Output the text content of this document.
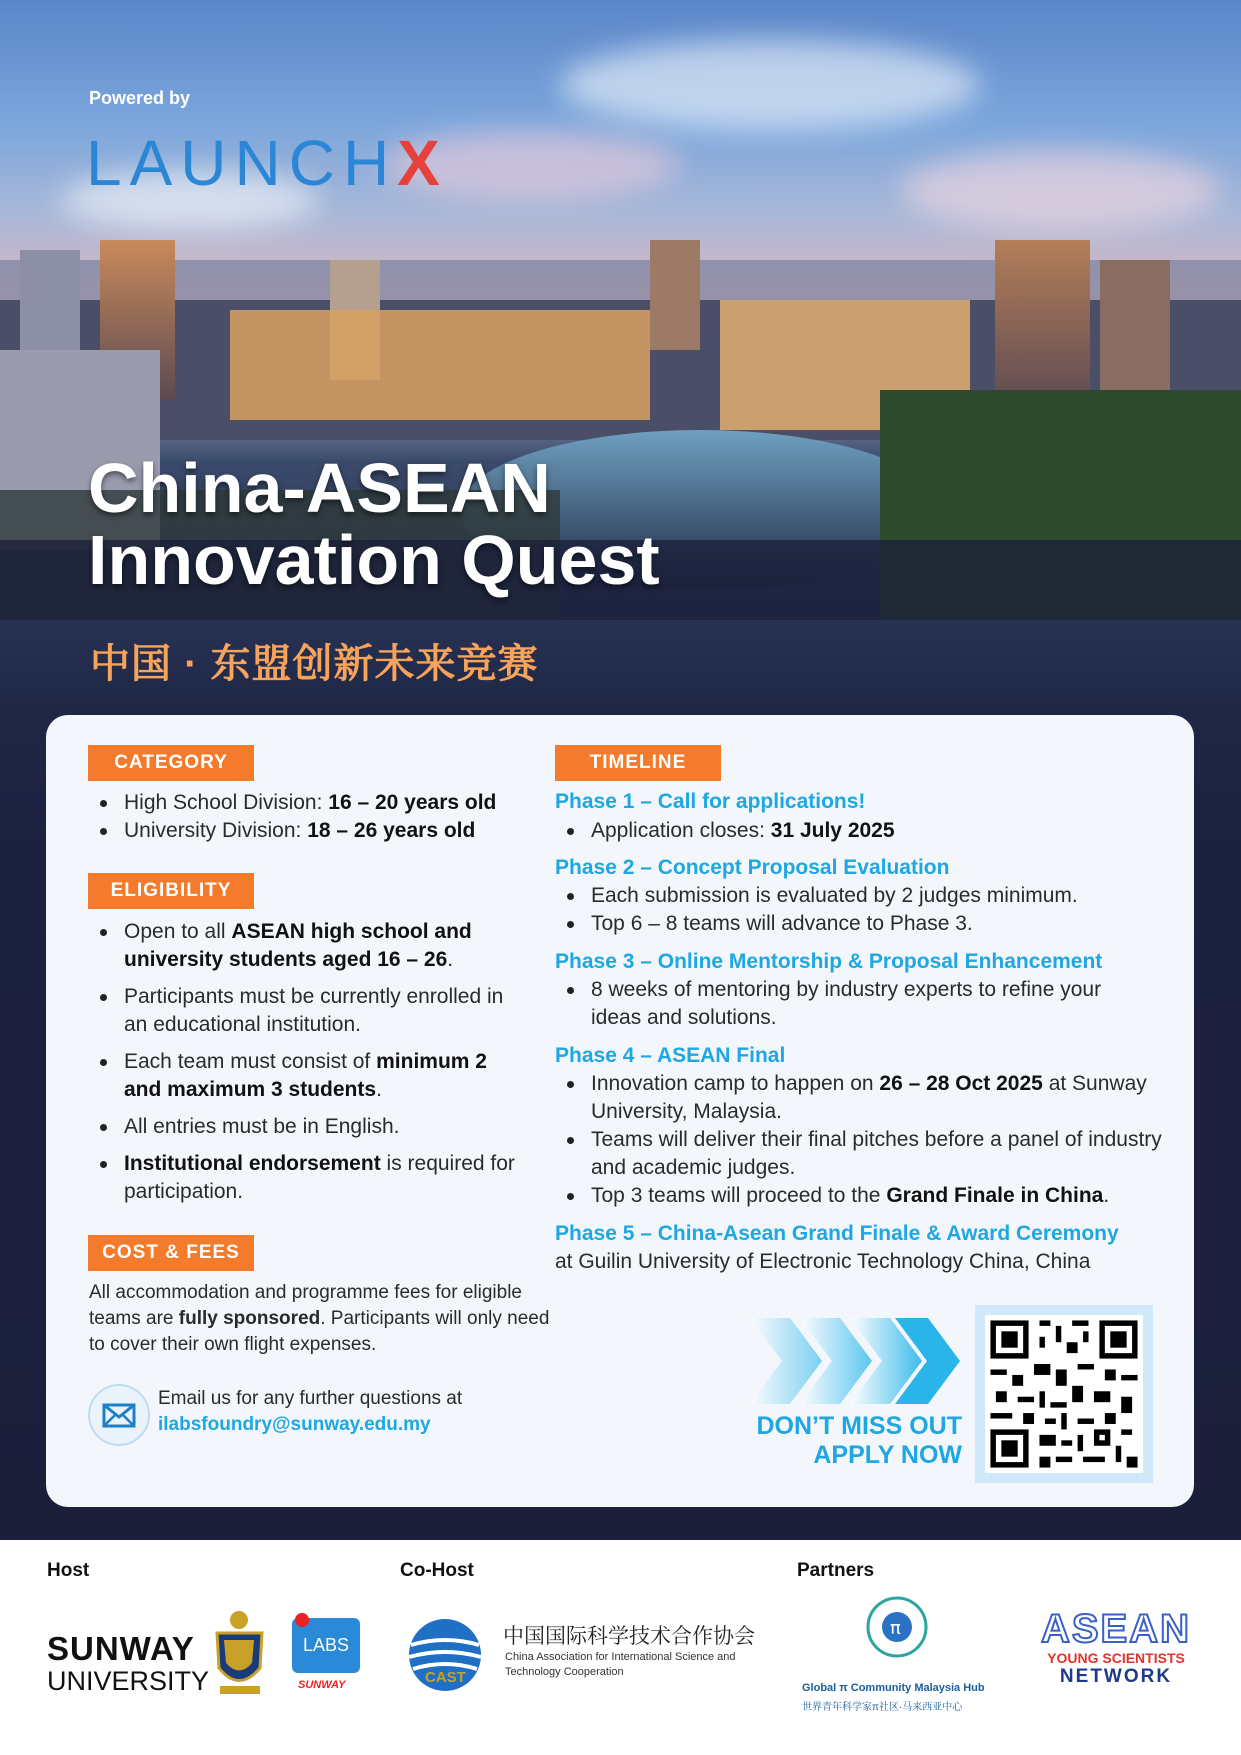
Powered by
LAUNCHX
China-ASEAN
Innovation Quest
中国 · 东盟创新未来竞赛
CATEGORY
High School Division: 16 – 20 years old
University Division: 18 – 26 years old
ELIGIBILITY
Open to all ASEAN high school and university students aged 16 – 26.
Participants must be currently enrolled in an educational institution.
Each team must consist of minimum 2 and maximum 3 students.
All entries must be in English.
Institutional endorsement is required for participation.
COST & FEES
All accommodation and programme fees for eligible teams are fully sponsored. Participants will only need to cover their own flight expenses.
Email us for any further questions at
ilabsfoundry@sunway.edu.my
TIMELINE
Phase 1 – Call for applications!
Application closes: 31 July 2025
Phase 2 – Concept Proposal Evaluation
Each submission is evaluated by 2 judges minimum.
Top 6 – 8 teams will advance to Phase 3.
Phase 3 – Online Mentorship & Proposal Enhancement
8 weeks of mentoring by industry experts to refine your ideas and solutions.
Phase 4 – ASEAN Final
Innovation camp to happen on 26 – 28 Oct 2025 at Sunway University, Malaysia.
Teams will deliver their final pitches before a panel of industry and academic judges.
Top 3 teams will proceed to the Grand Finale in China.
Phase 5 – China-Asean Grand Finale & Award Ceremony
at Guilin University of Electronic Technology China, China
DON’T MISS OUT
APPLY NOW
Host	Co-Host	Partners
SUNWAY
UNIVERSITY
LABS
SUNWAY	CAST
中国国际科学技术合作协会
China Association for International Science and
Technology Cooperation
π
Global π Community Malaysia Hub
世界青年科学家π社区·马来西亚中心
ASEAN
YOUNG SCIENTISTS
NETWORK
